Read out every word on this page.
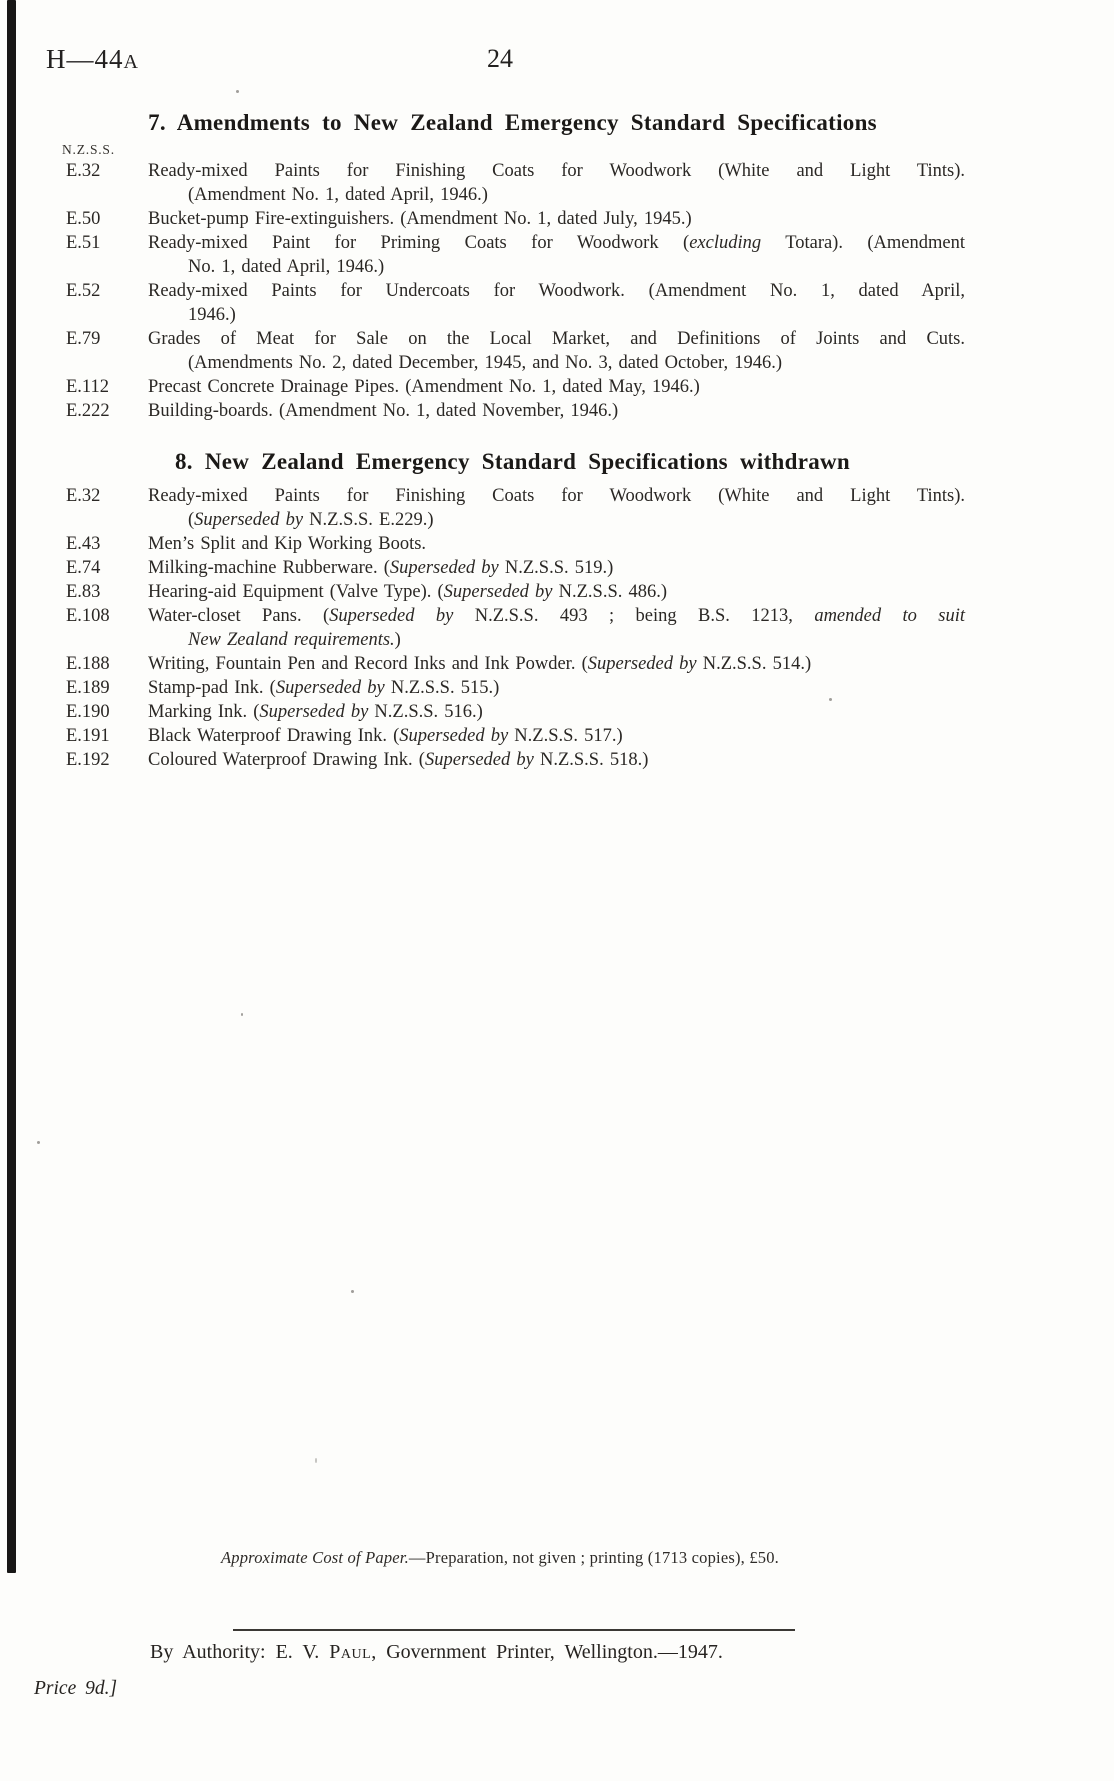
H—44A	24
7. Amendments to New Zealand Emergency Standard Specifications
N.Z.S.S.
E.32	Ready-mixed Paints for Finishing Coats for Woodwork (White and Light Tints).
(Amendment No. 1, dated April, 1946.)
E.50	Bucket-pump Fire-extinguishers. (Amendment No. 1, dated July, 1945.)
E.51	Ready-mixed Paint for Priming Coats for Woodwork (excluding Totara). (Amendment
No. 1, dated April, 1946.)
E.52	Ready-mixed Paints for Undercoats for Woodwork. (Amendment No. 1, dated April,
1946.)
E.79	Grades of Meat for Sale on the Local Market, and Definitions of Joints and Cuts.
(Amendments No. 2, dated December, 1945, and No. 3, dated October, 1946.)
E.112	Precast Concrete Drainage Pipes. (Amendment No. 1, dated May, 1946.)
E.222	Building-boards. (Amendment No. 1, dated November, 1946.)
8. New Zealand Emergency Standard Specifications withdrawn
E.32	Ready-mixed Paints for Finishing Coats for Woodwork (White and Light Tints).
(Superseded by N.Z.S.S. E.229.)
E.43	Men’s Split and Kip Working Boots.
E.74	Milking-machine Rubberware. (Superseded by N.Z.S.S. 519.)
E.83	Hearing-aid Equipment (Valve Type). (Superseded by N.Z.S.S. 486.)
E.108	Water-closet Pans. (Superseded by N.Z.S.S. 493 ; being B.S. 1213, amended to suit
New Zealand requirements.)
E.188	Writing, Fountain Pen and Record Inks and Ink Powder. (Superseded by N.Z.S.S. 514.)
E.189	Stamp-pad Ink. (Superseded by N.Z.S.S. 515.)
E.190	Marking Ink. (Superseded by N.Z.S.S. 516.)
E.191	Black Waterproof Drawing Ink. (Superseded by N.Z.S.S. 517.)
E.192	Coloured Waterproof Drawing Ink. (Superseded by N.Z.S.S. 518.)
Approximate Cost of Paper.—Preparation, not given ; printing (1713 copies), £50.
By Authority: E. V. Paul, Government Printer, Wellington.—1947.
Price 9d.]
